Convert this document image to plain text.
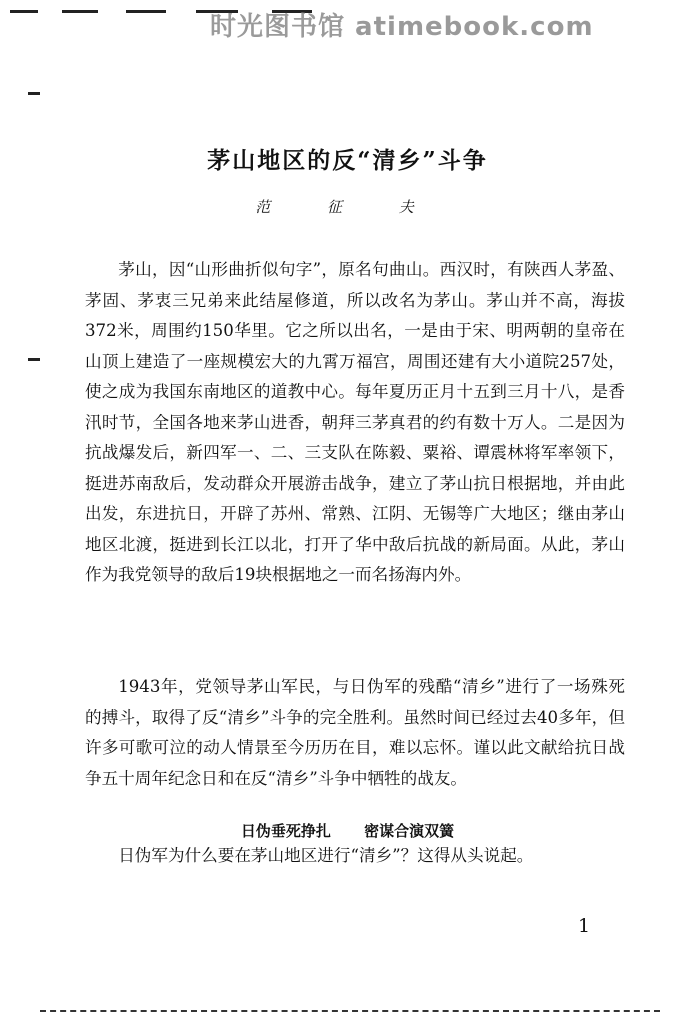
时光图书馆 atimebook.com
茅山地区的反“清乡”斗争
范 征 夫

茅山，因“山形曲折似句字”，原名句曲山。西汉时，有陕西人茅盈、茅固、茅衷三兄弟来此结屋修道，所以改名为茅山。茅山并不高，海拔372米，周围约150华里。它之所以出名，一是由于宋、明两朝的皇帝在山顶上建造了一座规模宏大的九霄万福宫，周围还建有大小道院257处，使之成为我国东南地区的道教中心。每年夏历正月十五到三月十八，是香汛时节，全国各地来茅山进香，朝拜三茅真君的约有数十万人。二是因为抗战爆发后，新四军一、二、三支队在陈毅、粟裕、谭震林将军率领下，挺进苏南敌后，发动群众开展游击战争，建立了茅山抗日根据地，并由此出发，东进抗日，开辟了苏州、常熟、江阴、无锡等广大地区；继由茅山地区北渡，挺进到长江以北，打开了华中敌后抗战的新局面。从此，茅山作为我党领导的敌后19块根据地之一而名扬海内外。

1943年，党领导茅山军民，与日伪军的残酷“清乡”进行了一场殊死的搏斗，取得了反“清乡”斗争的完全胜利。虽然时间已经过去40多年，但许多可歌可泣的动人情景至今历历在目，难以忘怀。谨以此文献给抗日战争五十周年纪念日和在反“清乡”斗争中牺牲的战友。

日伪垂死挣扎 密谋合演双簧

日伪军为什么要在茅山地区进行“清乡”？这得从头说起。

1
